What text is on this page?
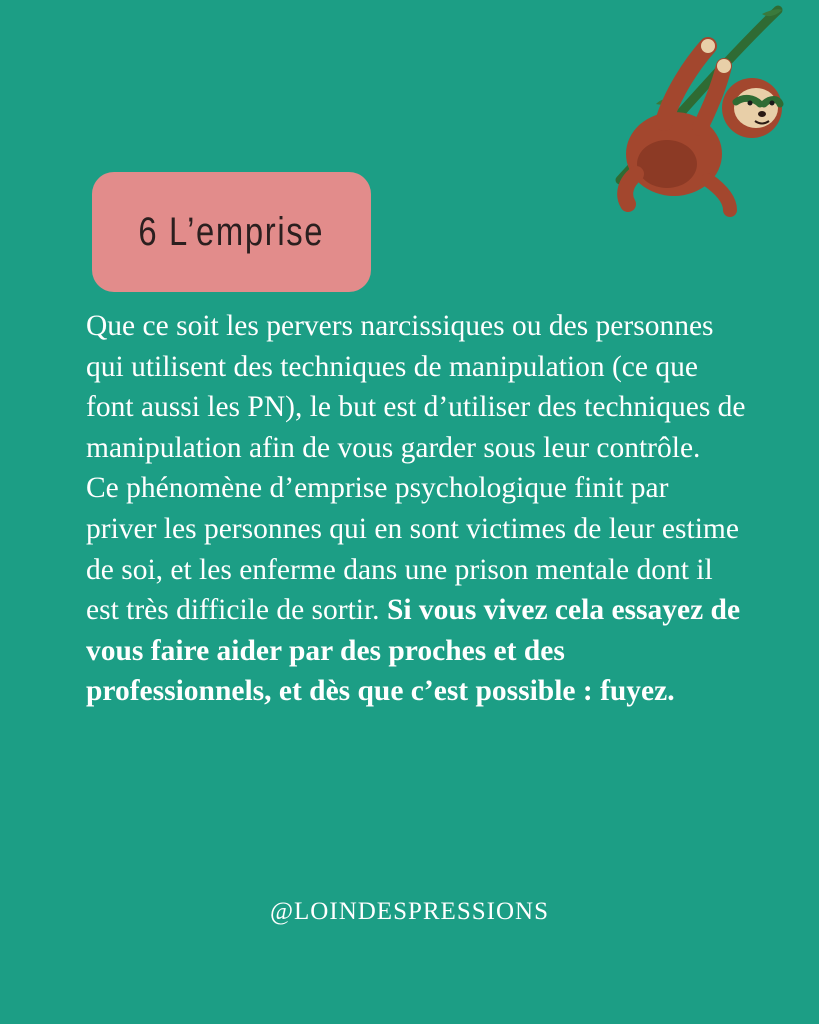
6 L’emprise

Que ce soit les pervers narcissiques ou des personnes qui utilisent des techniques de manipulation (ce que font aussi les PN), le but est d’utiliser des techniques de manipulation afin de vous garder sous leur contrôle.

Ce phénomène d’emprise psychologique finit par priver les personnes qui en sont victimes de leur estime de soi, et les enferme dans une prison mentale dont il est très difficile de sortir. Si vous vivez cela essayez de vous faire aider par des proches et des professionnels, et dès que c’est possible : fuyez.

@LOINDESPRESSIONS
